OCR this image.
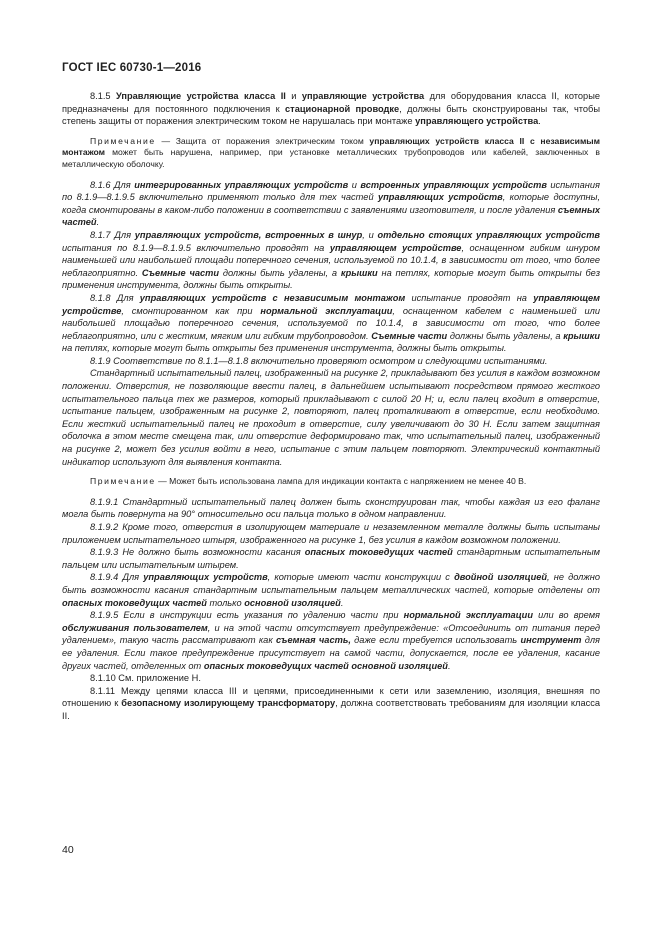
ГОСТ IEC 60730-1—2016

8.1.5 Управляющие устройства класса II и управляющие устройства для оборудования класса II, которые предназначены для постоянного подключения к стационарной проводке, должны быть сконструированы так, чтобы степень защиты от поражения электрическим током не нарушалась при монтаже управляющего устройства.

Примечание — Защита от поражения электрическим током управляющих устройств класса II с независимым монтажом может быть нарушена, например, при установке металлических трубопроводов или кабелей, заключенных в металлическую оболочку.

8.1.6 Для интегрированных управляющих устройств и встроенных управляющих устройств испытания по 8.1.9—8.1.9.5 включительно применяют только для тех частей управляющих устройств, которые доступны, когда смонтированы в каком-либо положении в соответствии с заявлениями изготовителя, и после удаления съемных частей.

8.1.7 Для управляющих устройств, встроенных в шнур, и отдельно стоящих управляющих устройств испытания по 8.1.9—8.1.9.5 включительно проводят на управляющем устройстве, оснащенном гибким шнуром наименьшей или наибольшей площади поперечного сечения, используемой по 10.1.4, в зависимости от того, что более неблагоприятно. Съемные части должны быть удалены, а крышки на петлях, которые могут быть открыты без применения инструмента, должны быть открыты.

8.1.8 Для управляющих устройств с независимым монтажом испытание проводят на управляющем устройстве, смонтированном как при нормальной эксплуатации, оснащенном кабелем с наименьшей или наибольшей площадью поперечного сечения, используемой по 10.1.4, в зависимости от того, что более неблагоприятно, или с жестким, мягким или гибким трубопроводом. Съемные части должны быть удалены, а крышки на петлях, которые могут быть открыты без применения инструмента, должны быть открыты.

8.1.9 Соответствие по 8.1.1—8.1.8 включительно проверяют осмотром и следующими испытаниями.

Стандартный испытательный палец, изображенный на рисунке 2, прикладывают без усилия в каждом возможном положении. Отверстия, не позволяющие ввести палец, в дальнейшем испытывают посредством прямого жесткого испытательного пальца тех же размеров, который прикладывают с силой 20 Н; и, если палец входит в отверстие, испытание пальцем, изображенным на рисунке 2, повторяют, палец проталкивают в отверстие, если необходимо. Если жесткий испытательный палец не проходит в отверстие, силу увеличивают до 30 Н. Если затем защитная оболочка в этом месте смещена так, или отверстие деформировано так, что испытательный палец, изображенный на рисунке 2, может без усилия войти в него, испытание с этим пальцем повторяют. Электрический контактный индикатор используют для выявления контакта.

Примечание — Может быть использована лампа для индикации контакта с напряжением не менее 40 В.

8.1.9.1 Стандартный испытательный палец должен быть сконструирован так, чтобы каждая из его фаланг могла быть повернута на 90° относительно оси пальца только в одном направлении.

8.1.9.2 Кроме того, отверстия в изолирующем материале и незаземленном металле должны быть испытаны приложением испытательного штыря, изображенного на рисунке 1, без усилия в каждом возможном положении.

8.1.9.3 Не должно быть возможности касания опасных токоведущих частей стандартным испытательным пальцем или испытательным штырем.

8.1.9.4 Для управляющих устройств, которые имеют части конструкции с двойной изоляцией, не должно быть возможности касания стандартным испытательным пальцем металлических частей, которые отделены от опасных токоведущих частей только основной изоляцией.

8.1.9.5 Если в инструкции есть указания по удалению части при нормальной эксплуатации или во время обслуживания пользователем, и на этой части отсутствует предупреждение: «Отсоединить от питания перед удалением», такую часть рассматривают как съемная часть, даже если требуется использовать инструмент для ее удаления. Если такое предупреждение присутствует на самой части, допускается, после ее удаления, касание других частей, отделенных от опасных токоведущих частей основной изоляцией.

8.1.10 См. приложение Н.

8.1.11 Между цепями класса III и цепями, присоединенными к сети или заземлению, изоляция, внешняя по отношению к безопасному изолирующему трансформатору, должна соответствовать требованиям для изоляции класса II.

40
